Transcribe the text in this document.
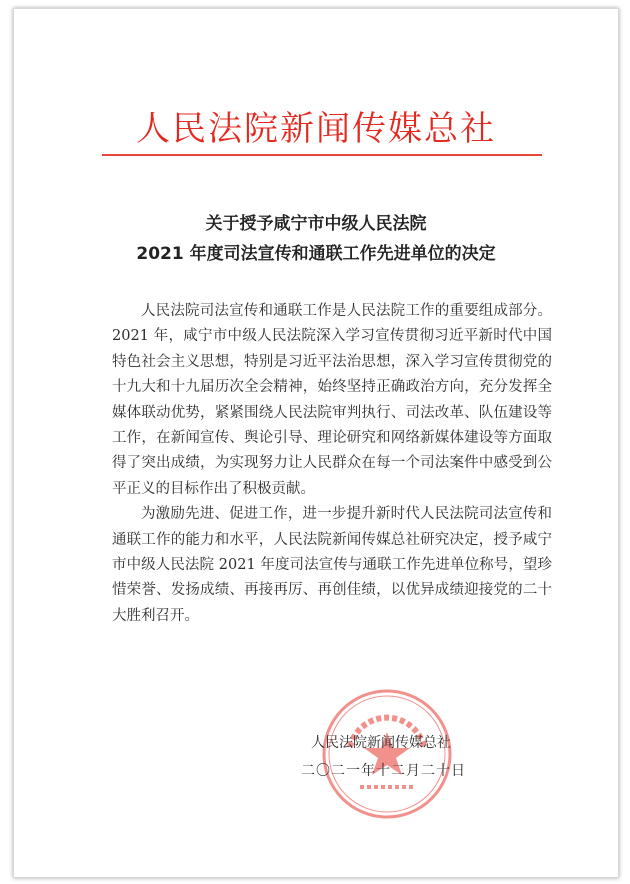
人民法院新闻传媒总社
关于授予咸宁市中级人民法院
2021 年度司法宣传和通联工作先进单位的决定

人民法院司法宣传和通联工作是人民法院工作的重要组成部分。2021 年，咸宁市中级人民法院深入学习宣传贯彻习近平新时代中国特色社会主义思想，特别是习近平法治思想，深入学习宣传贯彻党的十九大和十九届历次全会精神，始终坚持正确政治方向，充分发挥全媒体联动优势，紧紧围绕人民法院审判执行、司法改革、队伍建设等工作，在新闻宣传、舆论引导、理论研究和网络新媒体建设等方面取得了突出成绩，为实现努力让人民群众在每一个司法案件中感受到公平正义的目标作出了积极贡献。

为激励先进、促进工作，进一步提升新时代人民法院司法宣传和通联工作的能力和水平，人民法院新闻传媒总社研究决定，授予咸宁市中级人民法院 2021 年度司法宣传与通联工作先进单位称号，望珍惜荣誉、发扬成绩、再接再厉、再创佳绩，以优异成绩迎接党的二十大胜利召开。

人民法院新闻传媒总社
二〇二一年十二月二十日
